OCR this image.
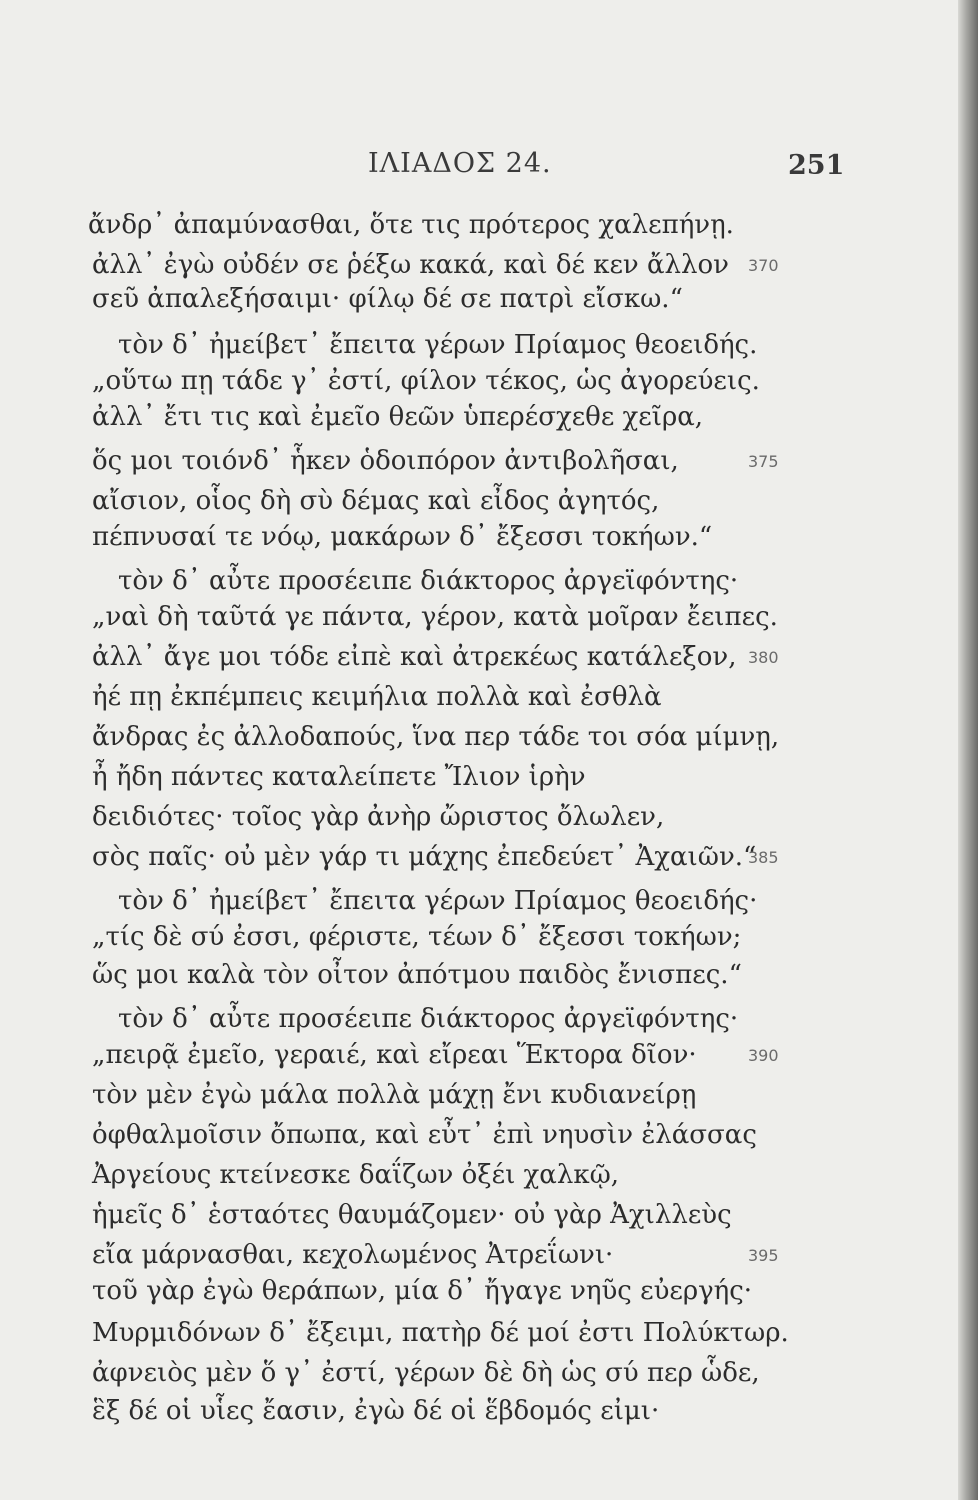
ΙΛΙΑΔΟΣ 24.	251
ἄνδρ᾽ ἀπαμύνασθαι, ὅτε τις πρότερος χαλεπήνῃ.
ἀλλ᾽ ἐγὼ οὐδέν σε ῥέξω κακά, καὶ δέ κεν ἄλλον 370
σεῦ ἀπαλεξήσαιμι· φίλῳ δέ σε πατρὶ εἴσκω.“
τὸν δ᾽ ἠμείβετ᾽ ἔπειτα γέρων Πρίαμος θεοειδής.
„οὕτω πῃ τάδε γ᾽ ἐστί, φίλον τέκος, ὡς ἀγορεύεις.
ἀλλ᾽ ἔτι τις καὶ ἐμεῖο θεῶν ὑπερέσχεθε χεῖρα,
ὅς μοι τοιόνδ᾽ ἧκεν ὁδοιπόρον ἀντιβολῆσαι,	375
αἴσιον, οἷος δὴ σὺ δέμας καὶ εἶδος ἀγητός,
πέπνυσαί τε νόῳ, μακάρων δ᾽ ἔξεσσι τοκήων.“
τὸν δ᾽ αὖτε προσέειπε διάκτορος ἀργεϊφόντης·
„ναὶ δὴ ταῦτά γε πάντα, γέρον, κατὰ μοῖραν ἔειπες.
ἀλλ᾽ ἄγε μοι τόδε εἰπὲ καὶ ἀτρεκέως κατάλεξον, 380
ἠέ πῃ ἐκπέμπεις κειμήλια πολλὰ καὶ ἐσθλὰ
ἄνδρας ἐς ἀλλοδαπούς, ἵνα περ τάδε τοι σόα μίμνῃ,
ἦ ἤδη πάντες καταλείπετε Ἴλιον ἱρὴν
δειδιότες· τοῖος γὰρ ἀνὴρ ὤριστος ὄλωλεν,
σὸς παῖς· οὐ μὲν γάρ τι μάχης ἐπεδεύετ᾽ Ἀχαιῶν.“
385
τὸν δ᾽ ἠμείβετ᾽ ἔπειτα γέρων Πρίαμος θεοειδής·
„τίς δὲ σύ ἐσσι, φέριστε, τέων δ᾽ ἔξεσσι τοκήων;
ὥς μοι καλὰ τὸν οἶτον ἀπότμου παιδὸς ἔνισπες.“
τὸν δ᾽ αὖτε προσέειπε διάκτορος ἀργεϊφόντης·
„πειρᾷ ἐμεῖο, γεραιέ, καὶ εἴρεαι Ἕκτορα δῖον·	390
τὸν μὲν ἐγὼ μάλα πολλὰ μάχῃ ἔνι κυδιανείρῃ
ὀφθαλμοῖσιν ὄπωπα, καὶ εὖτ᾽ ἐπὶ νηυσὶν ἐλάσσας
Ἀργείους κτείνεσκε δαΐζων ὀξέι χαλκῷ,
ἡμεῖς δ᾽ ἑσταότες θαυμάζομεν· οὐ γὰρ Ἀχιλλεὺς
εἴα μάρνασθαι, κεχολωμένος Ἀτρεΐωνι·	395
τοῦ γὰρ ἐγὼ θεράπων, μία δ᾽ ἤγαγε νηῦς εὐεργής·
Μυρμιδόνων δ᾽ ἔξειμι, πατὴρ δέ μοί ἐστι Πολύκτωρ.
ἀφνειὸς μὲν ὅ γ᾽ ἐστί, γέρων δὲ δὴ ὡς σύ περ ὧδε,
ἓξ δέ οἱ υἷες ἔασιν, ἐγὼ δέ οἱ ἕβδομός εἰμι·
